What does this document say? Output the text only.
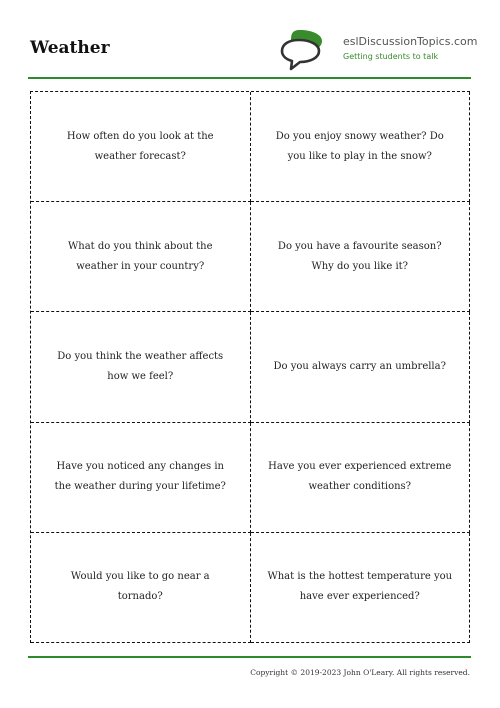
Weather	eslDiscussionTopics.com
Getting students to talk
How often do you look at the weather forecast?
Do you enjoy snowy weather? Do you like to play in the snow?
What do you think about the weather in your country?
Do you have a favourite season? Why do you like it?
Do you think the weather affects how we feel?
Do you always carry an umbrella?
Have you noticed any changes in the weather during your lifetime?
Have you ever experienced extreme weather conditions?
Would you like to go near a tornado?
What is the hottest temperature you have ever experienced?
Copyright © 2019-2023 John O'Leary. All rights reserved.
